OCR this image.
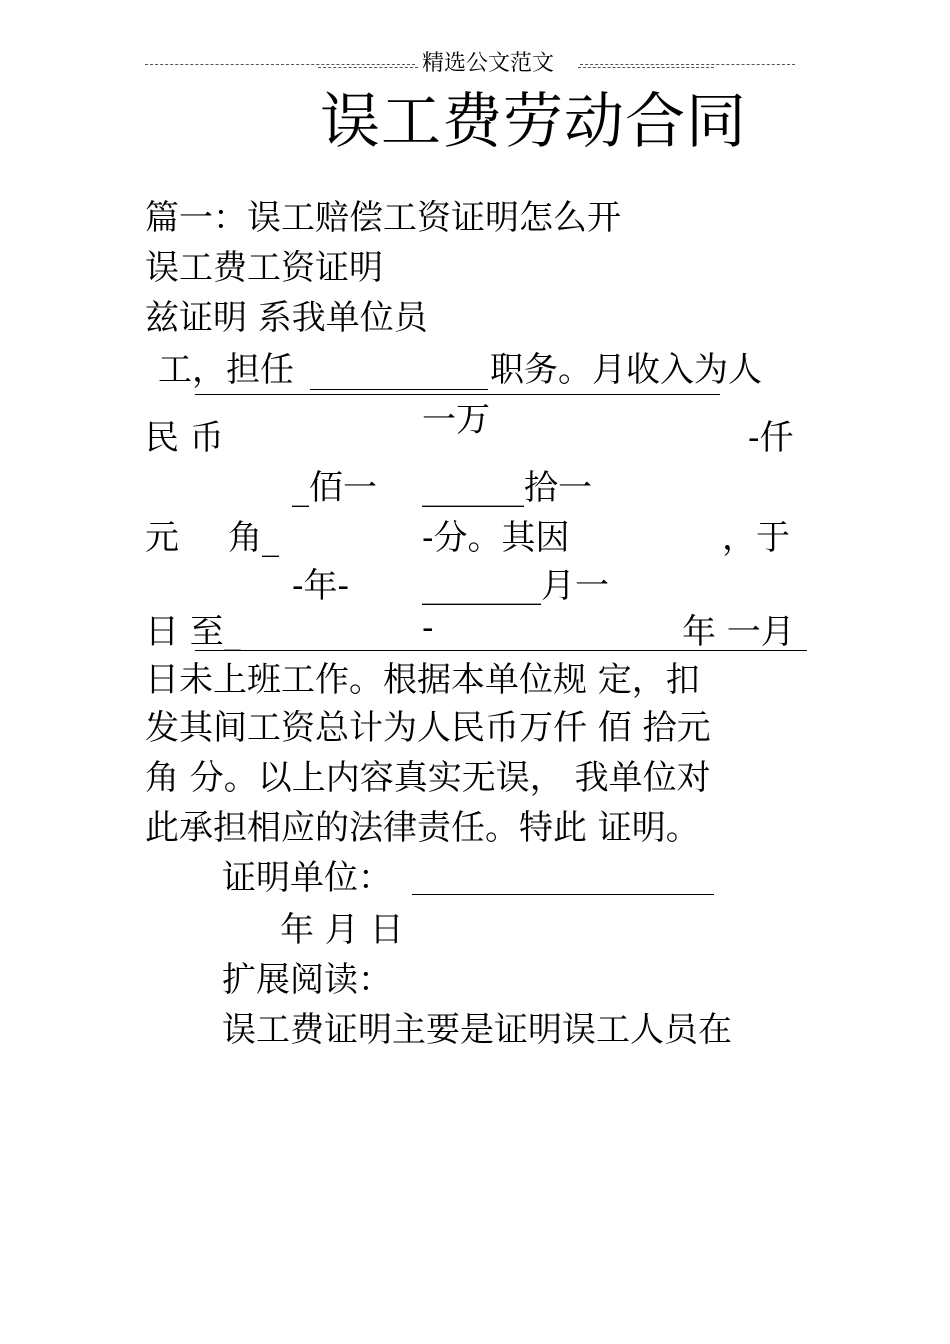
精选公文范文
误工费劳动合同
篇一：误工赔偿工资证明怎么开
误工费工资证明
兹证明 系我单位员
工，担任	职务。月收入为人
民 币	一万	-仟
_佰一 ______拾一
元 角_	-分。其因	，于
-年- _______月一
日 至_	-	年 一月
日未上班工作。根据本单位规 定，扣
发其间工资总计为人民币万仟 佰 拾元
角 分。以上内容真实无误， 我单位对
此承担相应的法律责任。特此 证明。
证明单位：
年 月 日
扩展阅读：
误工费证明主要是证明误工人员在
